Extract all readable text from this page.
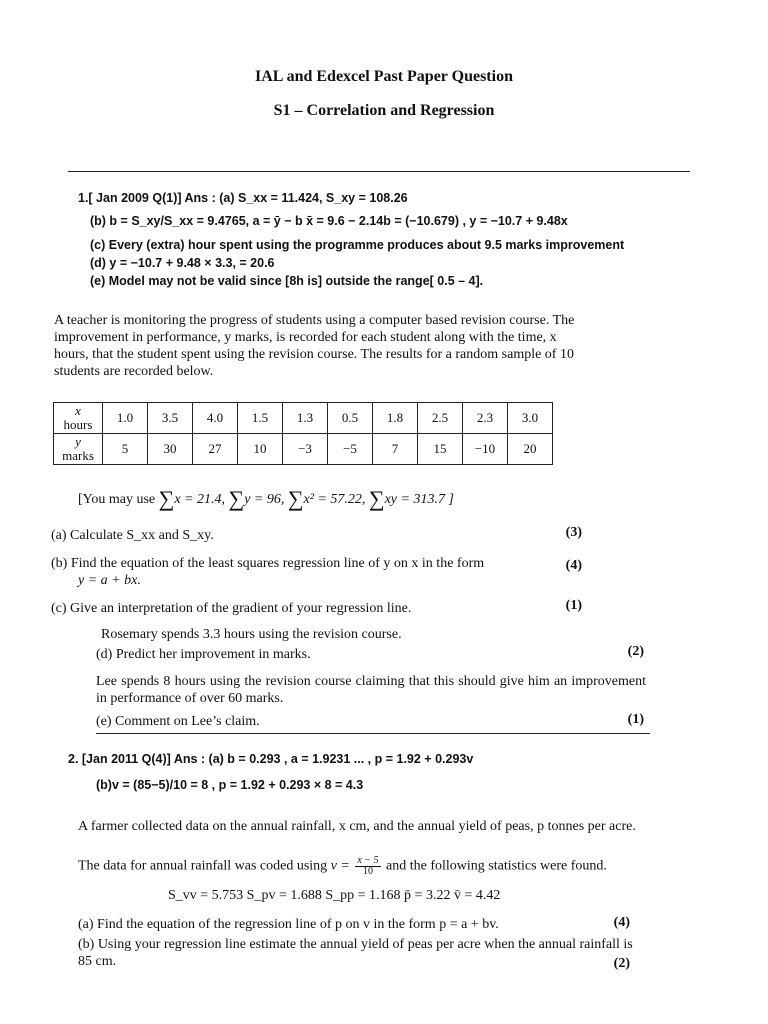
IAL and Edexcel Past Paper Question
S1 – Correlation and Regression
1.[ Jan 2009 Q(1)] Ans : (a) S_xx = 11.424, S_xy = 108.26
(b) b = S_xy/S_xx = 9.4765, a = ȳ − b x̄ = 9.6 − 2.14b = (−10.679) , y = −10.7 + 9.48x
(c) Every (extra) hour spent using the programme produces about 9.5 marks improvement
(d) y = −10.7 + 9.48 × 3.3, = 20.6
(e) Model may not be valid since [8h is] outside the range[ 0.5 – 4].
A teacher is monitoring the progress of students using a computer based revision course. The improvement in performance, y marks, is recorded for each student along with the time, x hours, that the student spent using the revision course. The results for a random sample of 10 students are recorded below.
x
hours	1.0	3.5	4.0	1.5	1.3	0.5	1.8	2.5	2.3	3.0

y
marks	5	30	27	10	−3	−5	7	15	−10	20
[You may use ∑x = 21.4, ∑y = 96, ∑x² = 57.22, ∑xy = 313.7 ]
(a) Calculate S_xx and S_xy.	(3)
(b) Find the equation of the least squares regression line of y on x in the form
y = a + bx.
(4)
(c) Give an interpretation of the gradient of your regression line.	(1)
Rosemary spends 3.3 hours using the revision course.
(d) Predict her improvement in marks.	(2)
Lee spends 8 hours using the revision course claiming that this should give him an improvement in performance of over 60 marks.
(e) Comment on Lee’s claim.	(1)
2. [Jan 2011 Q(4)] Ans : (a) b = 0.293 , a = 1.9231 ... , p = 1.92 + 0.293v
(b)v = (85−5)/10 = 8 , p = 1.92 + 0.293 × 8 = 4.3
A farmer collected data on the annual rainfall, x cm, and the annual yield of peas, p tonnes per acre.
The data for annual rainfall was coded using $v = \frac{x - 5}{10}$ and the following statistics were found.
S_vv = 5.753 S_pv = 1.688 S_pp = 1.168 p̄ = 3.22 v̄ = 4.42
(a) Find the equation of the regression line of p on v in the form p = a + bv.	(4)
(b) Using your regression line estimate the annual yield of peas per acre when the annual rainfall is 85 cm.	(2)
